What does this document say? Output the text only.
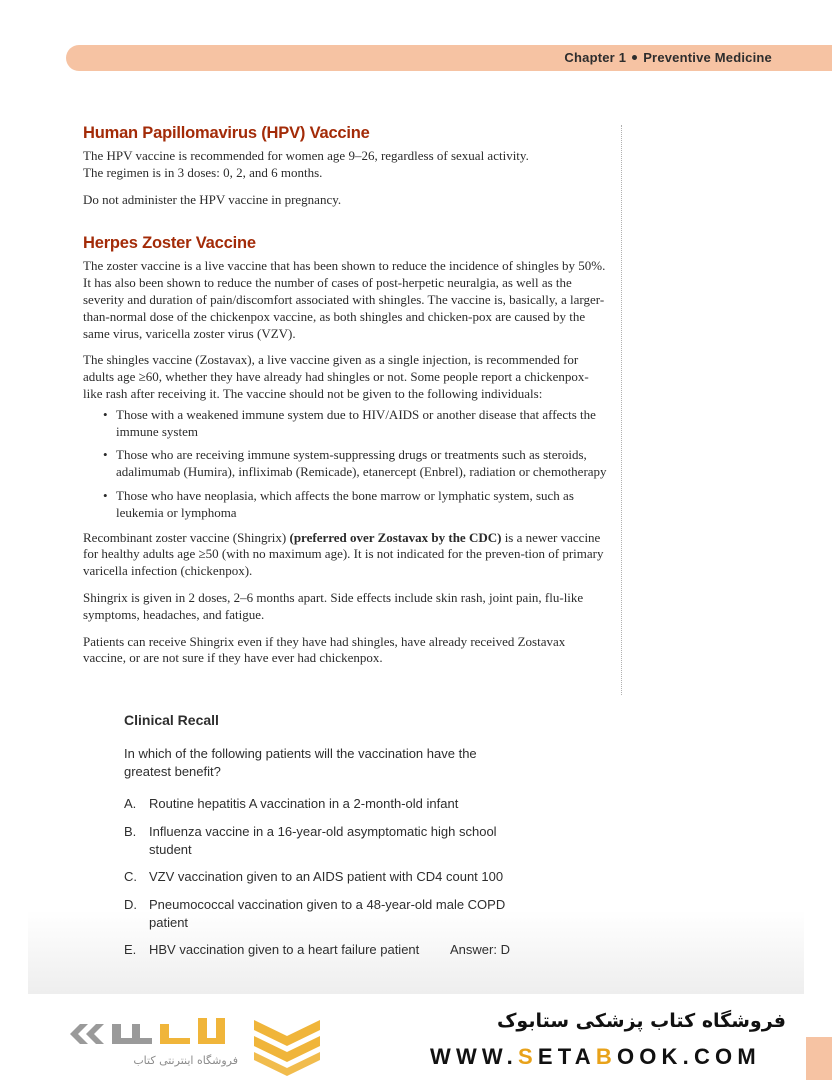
Chapter 1 Preventive Medicine
Human Papillomavirus (HPV) Vaccine

The HPV vaccine is recommended for women age 9–26, regardless of sexual activity.

The regimen is in 3 doses: 0, 2, and 6 months.

Do not administer the HPV vaccine in pregnancy.

Herpes Zoster Vaccine

The zoster vaccine is a live vaccine that has been shown to reduce the incidence of shingles by 50%. It has also been shown to reduce the number of cases of post-herpetic neuralgia, as well as the severity and duration of pain/discomfort associated with shingles. The vaccine is, basically, a larger-than-normal dose of the chickenpox vaccine, as both shingles and chicken-pox are caused by the same virus, varicella zoster virus (VZV).

The shingles vaccine (Zostavax), a live vaccine given as a single injection, is recommended for adults age ≥60, whether they have already had shingles or not. Some people report a chickenpox-like rash after receiving it. The vaccine should not be given to the following individuals:

• Those with a weakened immune system due to HIV/AIDS or another disease that affects the immune system
• Those who are receiving immune system-suppressing drugs or treatments such as steroids, adalimumab (Humira), infliximab (Remicade), etanercept (Enbrel), radiation or chemotherapy
• Those who have neoplasia, which affects the bone marrow or lymphatic system, such as leukemia or lymphoma

Recombinant zoster vaccine (Shingrix) (preferred over Zostavax by the CDC) is a newer vaccine for healthy adults age ≥50 (with no maximum age). It is not indicated for the preven-tion of primary varicella infection (chickenpox).

Shingrix is given in 2 doses, 2–6 months apart. Side effects include skin rash, joint pain, flu-like symptoms, headaches, and fatigue.

Patients can receive Shingrix even if they have had shingles, have already received Zostavax vaccine, or are not sure if they have ever had chickenpox.

Clinical Recall
In which of the following patients will the vaccination have the greatest benefit?
A. Routine hepatitis A vaccination in a 2-month-old infant
B. Influenza vaccine in a 16-year-old asymptomatic high school student
C. VZV vaccination given to an AIDS patient with CD4 count 100
D. Pneumococcal vaccination given to a 48-year-old male COPD patient
E. HBV vaccination given to a heart failure patient Answer: D
فروشگاه اینترنتی کتاب
فروشگاه کتاب پزشکی ستابوک
WWW.SETABOOK.COM
